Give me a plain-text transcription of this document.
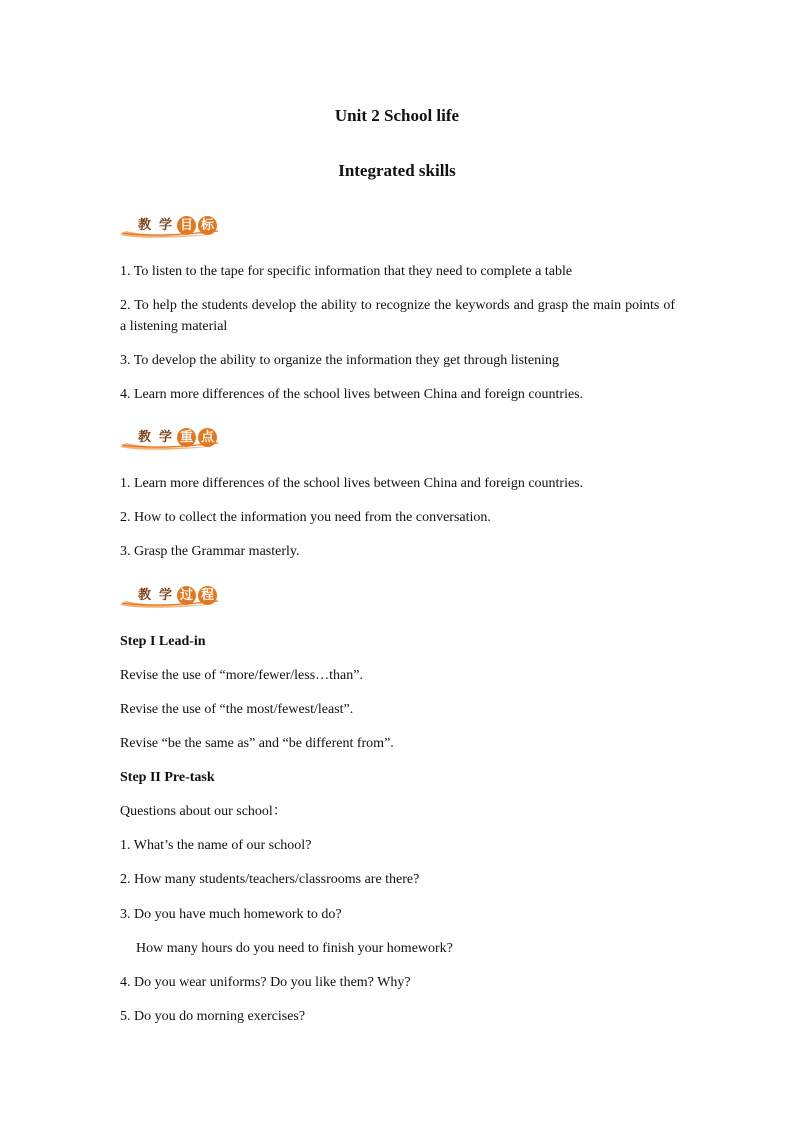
Unit 2 School life
Integrated skills
教 学 目 标
1. To listen to the tape for specific information that they need to complete a table
2. To help the students develop the ability to recognize the keywords and grasp the main points of a listening material
3. To develop the ability to organize the information they get through listening
4. Learn more differences of the school lives between China and foreign countries.
教 学 重 点
1. Learn more differences of the school lives between China and foreign countries.
2. How to collect the information you need from the conversation.
3. Grasp the Grammar masterly.
教 学 过 程
Step I Lead-in
Revise the use of “more/fewer/less…than”.
Revise the use of “the most/fewest/least”.
Revise “be the same as” and “be different from”.
Step II Pre-task
Questions about our school：
1. What’s the name of our school?
2. How many students/teachers/classrooms are there?
3. Do you have much homework to do?
How many hours do you need to finish your homework?
4. Do you wear uniforms? Do you like them? Why?
5. Do you do morning exercises?
